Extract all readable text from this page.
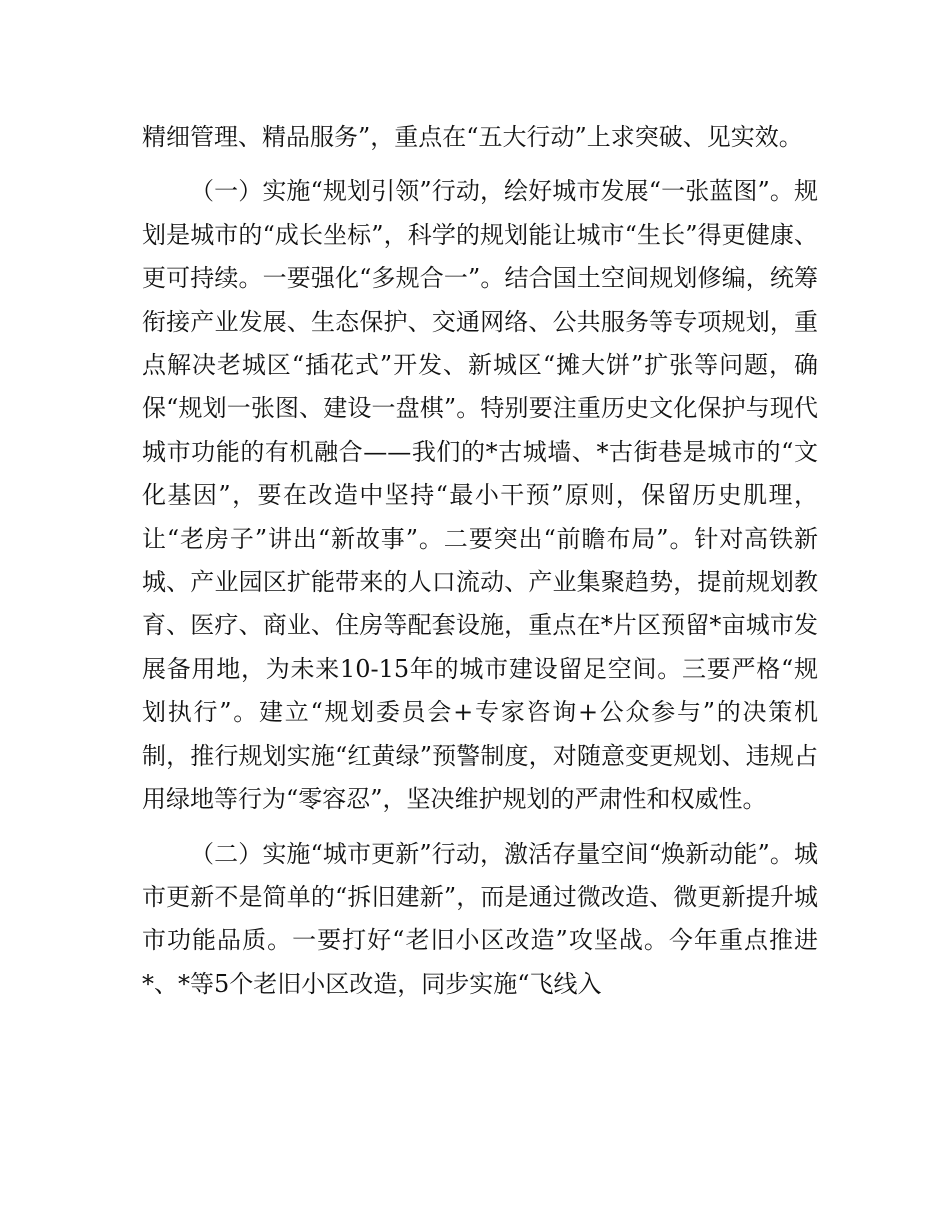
精细管理、精品服务”，重点在“五大行动”上求突破、见实效。

（一）实施“规划引领”行动，绘好城市发展“一张蓝图”。规划是城市的“成长坐标”，科学的规划能让城市“生长”得更健康、更可持续。一要强化“多规合一”。结合国土空间规划修编，统筹衔接产业发展、生态保护、交通网络、公共服务等专项规划，重点解决老城区“插花式”开发、新城区“摊大饼”扩张等问题，确保“规划一张图、建设一盘棋”。特别要注重历史文化保护与现代城市功能的有机融合——我们的*古城墙、*古街巷是城市的“文化基因”，要在改造中坚持“最小干预”原则，保留历史肌理，让“老房子”讲出“新故事”。二要突出“前瞻布局”。针对高铁新城、产业园区扩能带来的人口流动、产业集聚趋势，提前规划教育、医疗、商业、住房等配套设施，重点在*片区预留*亩城市发展备用地，为未来10-15年的城市建设留足空间。三要严格“规划执行”。建立“规划委员会+专家咨询+公众参与”的决策机制，推行规划实施“红黄绿”预警制度，对随意变更规划、违规占用绿地等行为“零容忍”，坚决维护规划的严肃性和权威性。

（二）实施“城市更新”行动，激活存量空间“焕新动能”。城市更新不是简单的“拆旧建新”，而是通过微改造、微更新提升城市功能品质。一要打好“老旧小区改造”攻坚战。今年重点推进*、*等5个老旧小区改造，同步实施“飞线入
